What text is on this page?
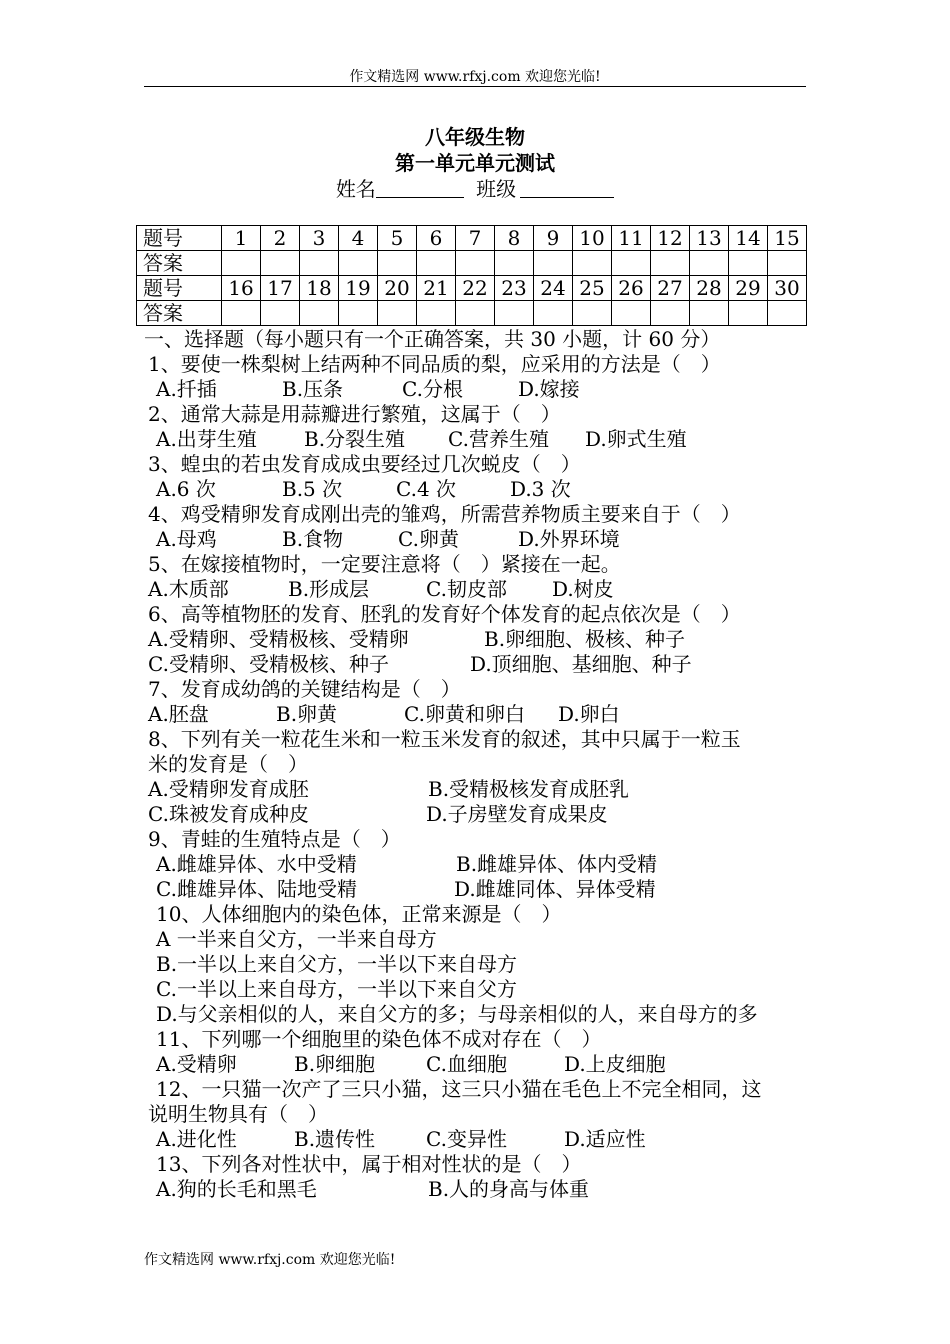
作文精选网 www.rfxj.com 欢迎您光临!
八年级生物
第一单元单元测试
姓名	班级
题号	1	2	3	4	5	6	7	8	9	10	11	12	13	14	15
答案															
题号	16	17	18	19	20	21	22	23	24	25	26	27	28	29	30
答案															
一、选择题（每小题只有一个正确答案，共 30 小题，计 60 分）
1、要使一株梨树上结两种不同品质的梨，应采用的方法是（　）
A.扦插	B.压条	C.分根	D.嫁接
2、通常大蒜是用蒜瓣进行繁殖，这属于（　）
A.出芽生殖 B.分裂生殖 C.营养生殖 D.卵式生殖
3、蝗虫的若虫发育成成虫要经过几次蜕皮（　）
A.6 次	B.5 次	C.4 次	D.3 次
4、鸡受精卵发育成刚出壳的雏鸡，所需营养物质主要来自于（　）
A.母鸡	B.食物	C.卵黄	D.外界环境
5、在嫁接植物时，一定要注意将（　）紧接在一起。
A.木质部	B.形成层	C.韧皮部 D.树皮
6、高等植物胚的发育、胚乳的发育好个体发育的起点依次是（　）
A.受精卵、受精极核、受精卵	B.卵细胞、极核、种子
C.受精卵、受精极核、种子	D.顶细胞、基细胞、种子
7、发育成幼鸽的关键结构是（　）
A.胚盘	B.卵黄	C.卵黄和卵白 D.卵白
8、下列有关一粒花生米和一粒玉米发育的叙述，其中只属于一粒玉
米的发育是（　）
A.受精卵发育成胚	B.受精极核发育成胚乳
C.珠被发育成种皮	D.子房壁发育成果皮
9、青蛙的生殖特点是（　）
A.雌雄异体、水中受精	B.雌雄异体、体内受精
C.雌雄异体、陆地受精	D.雌雄同体、异体受精
10、人体细胞内的染色体，正常来源是（　）
A 一半来自父方，一半来自母方
B.一半以上来自父方，一半以下来自母方
C.一半以上来自母方，一半以下来自父方
D.与父亲相似的人，来自父方的多；与母亲相似的人，来自母方的多
11、下列哪一个细胞里的染色体不成对存在（　）
A.受精卵	B.卵细胞	C.血细胞	D.上皮细胞
12、一只猫一次产了三只小猫，这三只小猫在毛色上不完全相同，这
说明生物具有（　）
A.进化性	B.遗传性	C.变异性	D.适应性
13、下列各对性状中，属于相对性状的是（　）
A.狗的长毛和黑毛	B.人的身高与体重
作文精选网 www.rfxj.com 欢迎您光临!
